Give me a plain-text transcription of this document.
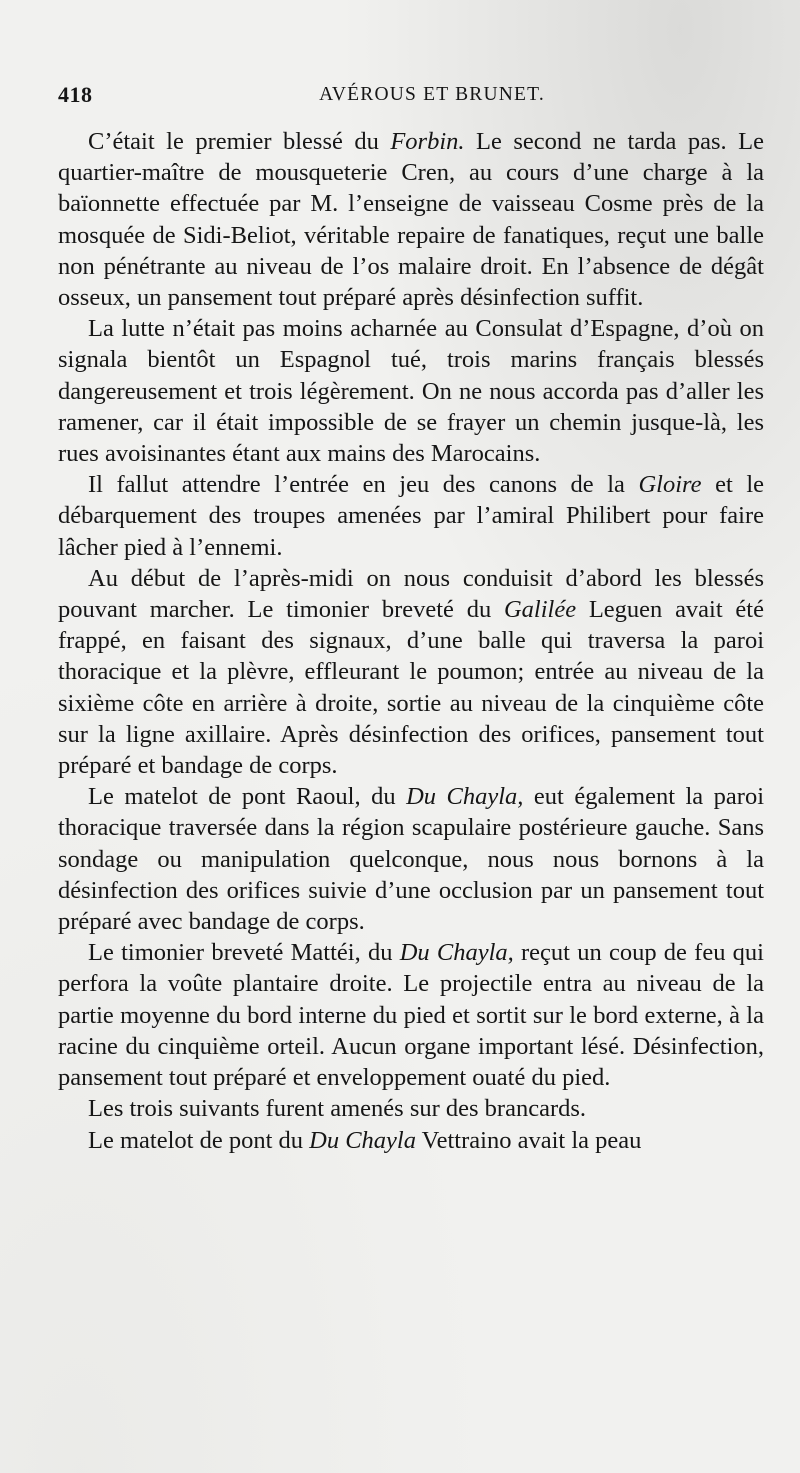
418	AVÉROUS ET BRUNET.

C’était le premier blessé du Forbin. Le second ne tarda pas. Le quartier-maître de mousqueterie Cren, au cours d’une charge à la baïonnette effectuée par M. l’enseigne de vaisseau Cosme près de la mosquée de Sidi-Beliot, véritable repaire de fanatiques, reçut une balle non pénétrante au niveau de l’os malaire droit. En l’absence de dégât osseux, un pansement tout préparé après désinfection suffit.

La lutte n’était pas moins acharnée au Consulat d’Espagne, d’où on signala bientôt un Espagnol tué, trois marins français blessés dangereusement et trois légèrement. On ne nous accorda pas d’aller les ramener, car il était impossible de se frayer un chemin jusque-là, les rues avoisinantes étant aux mains des Marocains.

Il fallut attendre l’entrée en jeu des canons de la Gloire et le débarquement des troupes amenées par l’amiral Philibert pour faire lâcher pied à l’ennemi.

Au début de l’après-midi on nous conduisit d’abord les blessés pouvant marcher. Le timonier breveté du Galilée Leguen avait été frappé, en faisant des signaux, d’une balle qui traversa la paroi thoracique et la plèvre, effleurant le poumon; entrée au niveau de la sixième côte en arrière à droite, sortie au niveau de la cinquième côte sur la ligne axillaire. Après désinfection des orifices, pansement tout préparé et bandage de corps.

Le matelot de pont Raoul, du Du Chayla, eut également la paroi thoracique traversée dans la région scapulaire postérieure gauche. Sans sondage ou manipulation quelconque, nous nous bornons à la désinfection des orifices suivie d’une occlusion par un pansement tout préparé avec bandage de corps.

Le timonier breveté Mattéi, du Du Chayla, reçut un coup de feu qui perfora la voûte plantaire droite. Le projectile entra au niveau de la partie moyenne du bord interne du pied et sortit sur le bord externe, à la racine du cinquième orteil. Aucun organe important lésé. Désinfection, pansement tout préparé et enveloppement ouaté du pied.

Les trois suivants furent amenés sur des brancards.

Le matelot de pont du Du Chayla Vettraino avait la peau
